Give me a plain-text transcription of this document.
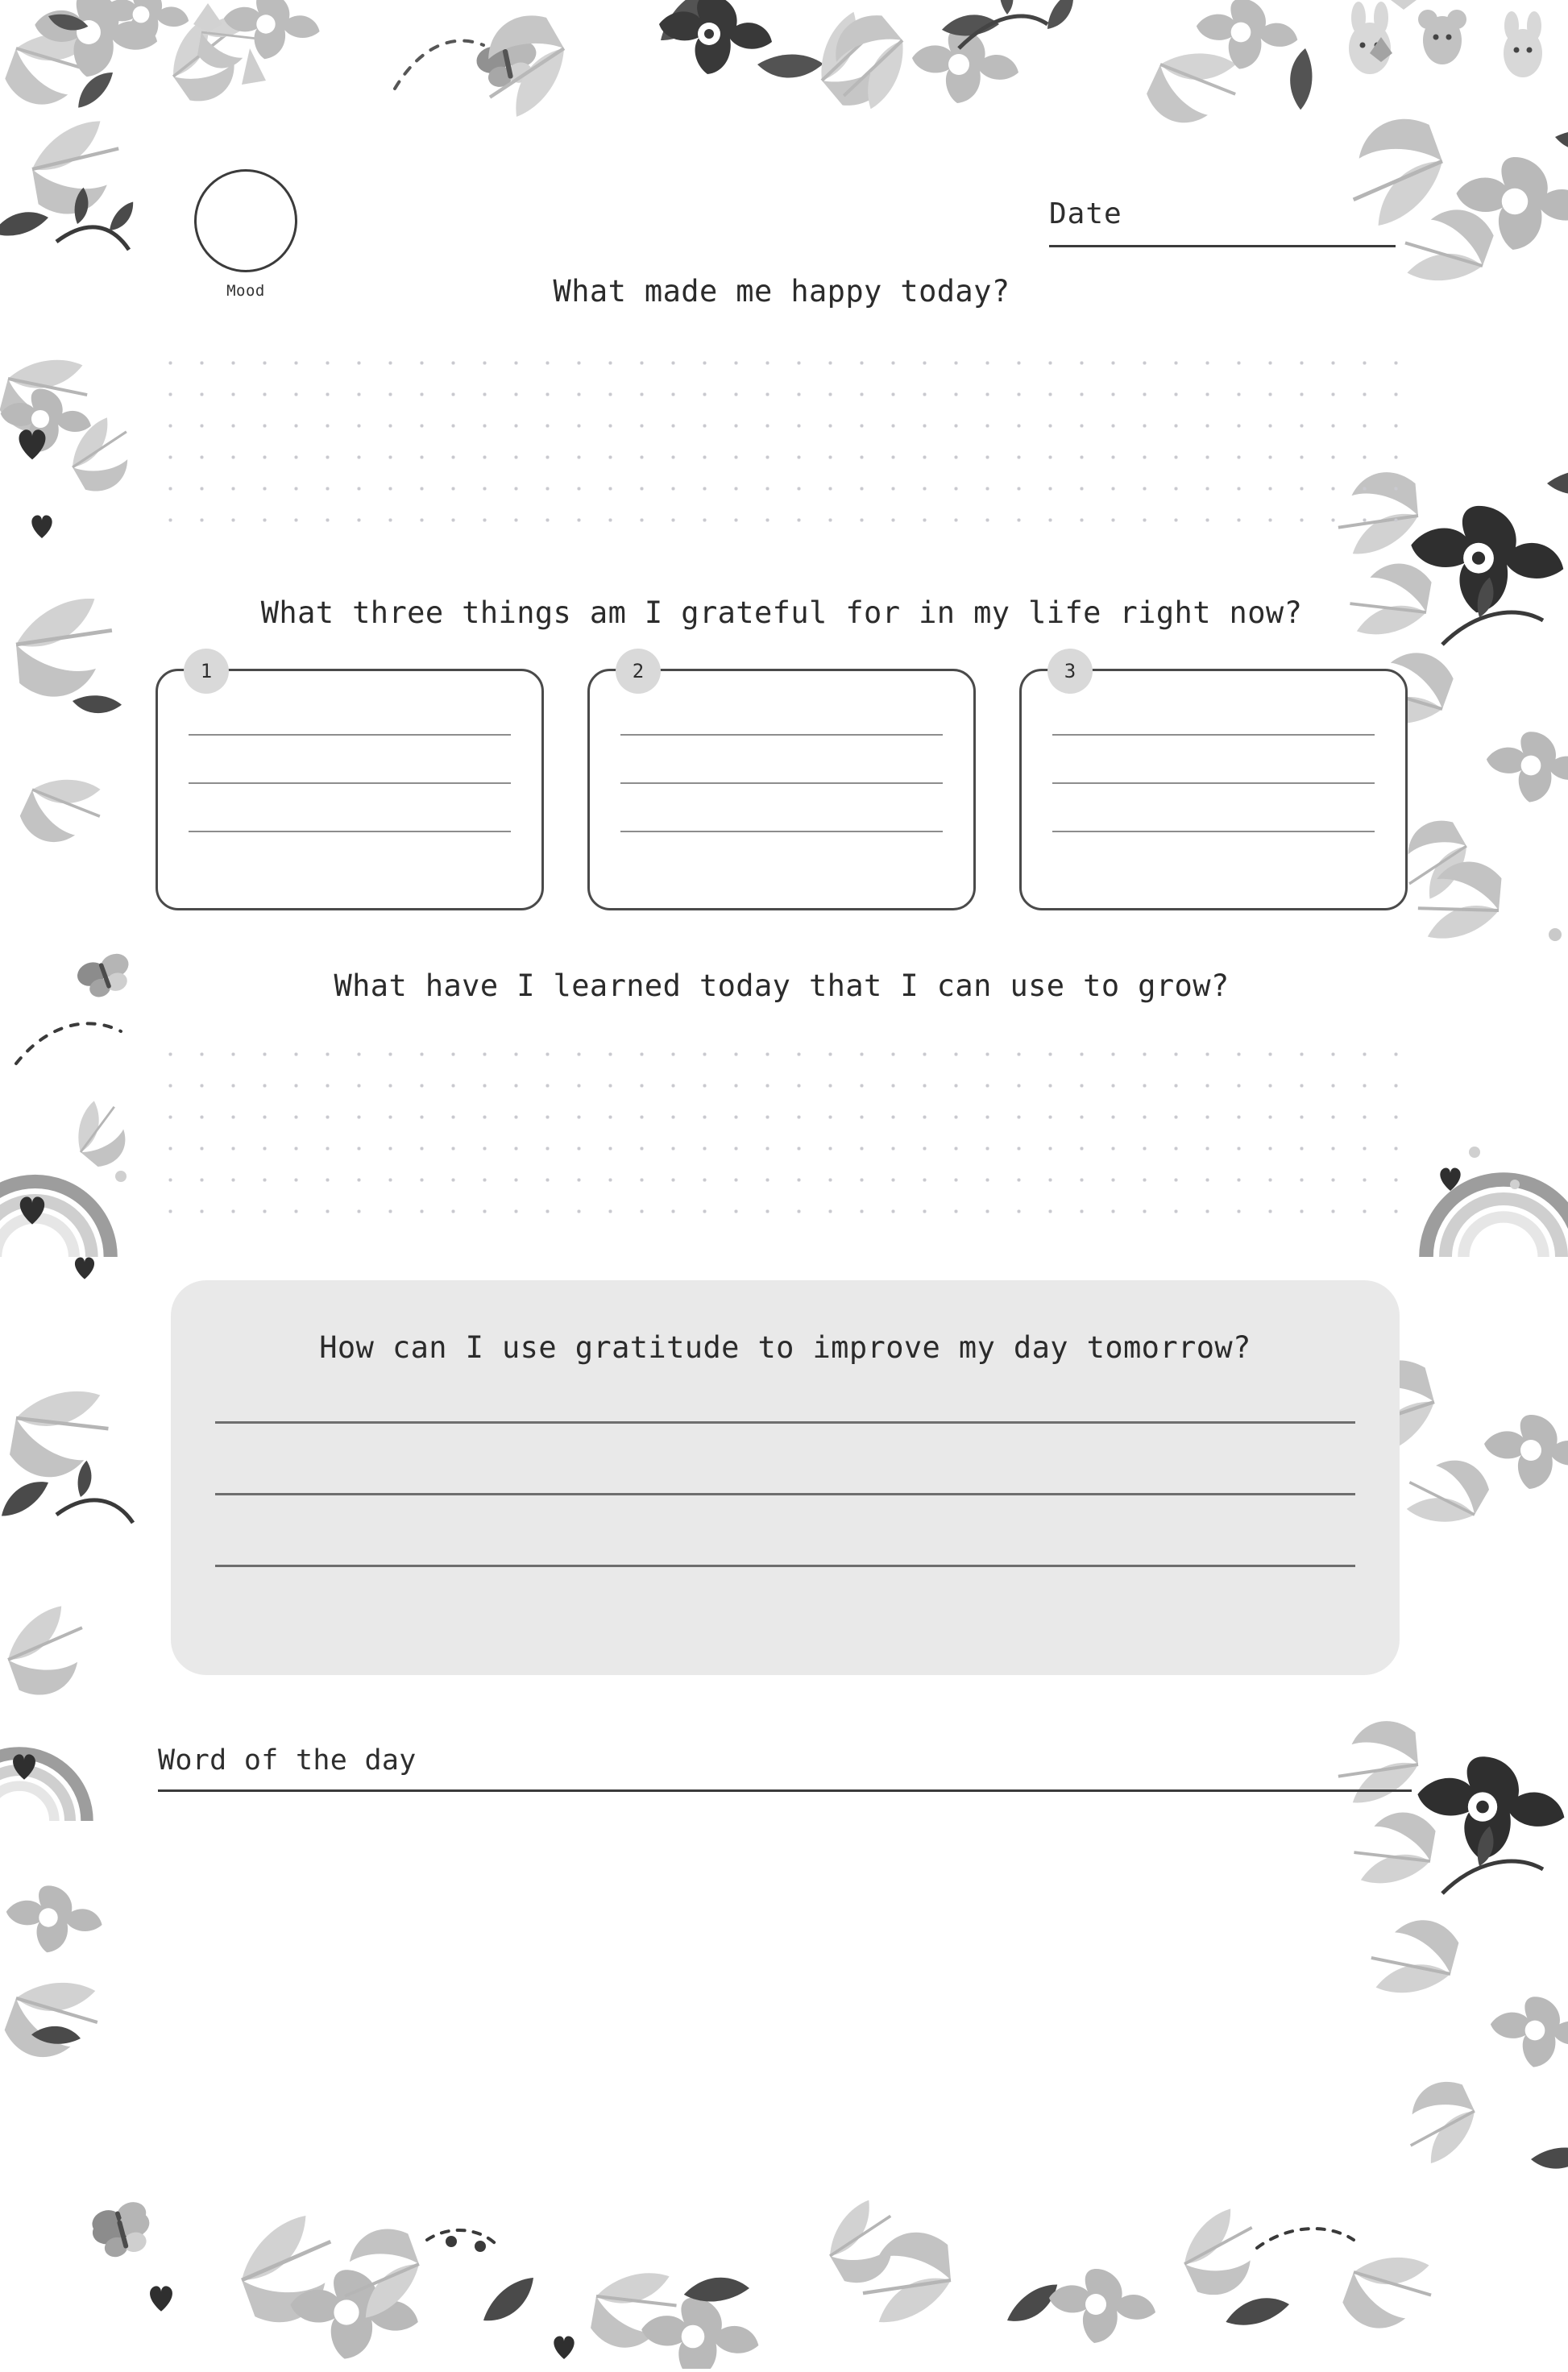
Mood
Date
What made me happy today?
What three things am I grateful for in my life right now?
1	2	3
What have I learned today that I can use to grow?
How can I use gratitude to improve my day tomorrow?
Word of the day
